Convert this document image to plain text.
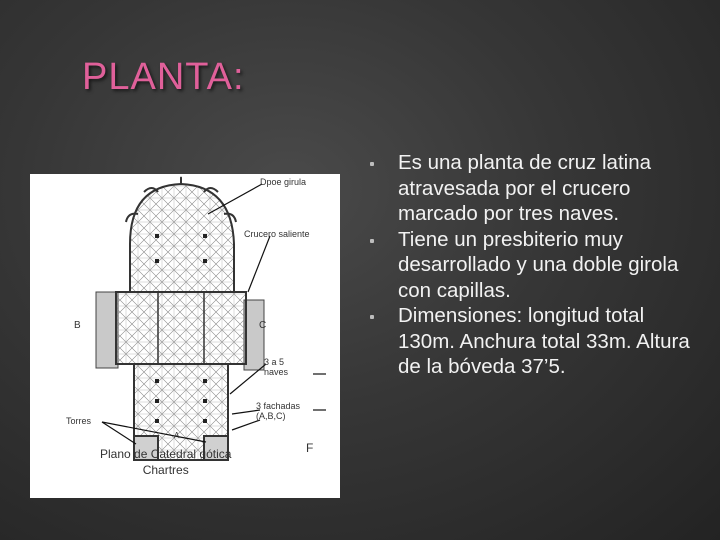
PLANTA:
Dpoe girula
Crucero saliente
B	C
3 a 5
naves
3 fachadas
(A,B,C)
Torres
A
F
Plano de Catedral gótica
Chartres
Es una planta de cruz latina atravesada por el crucero marcado por tres naves.
Tiene un presbiterio muy desarrollado y una doble girola con capillas.
Dimensiones: longitud total 130m. Anchura total 33m. Altura de la bóveda 37’5.
